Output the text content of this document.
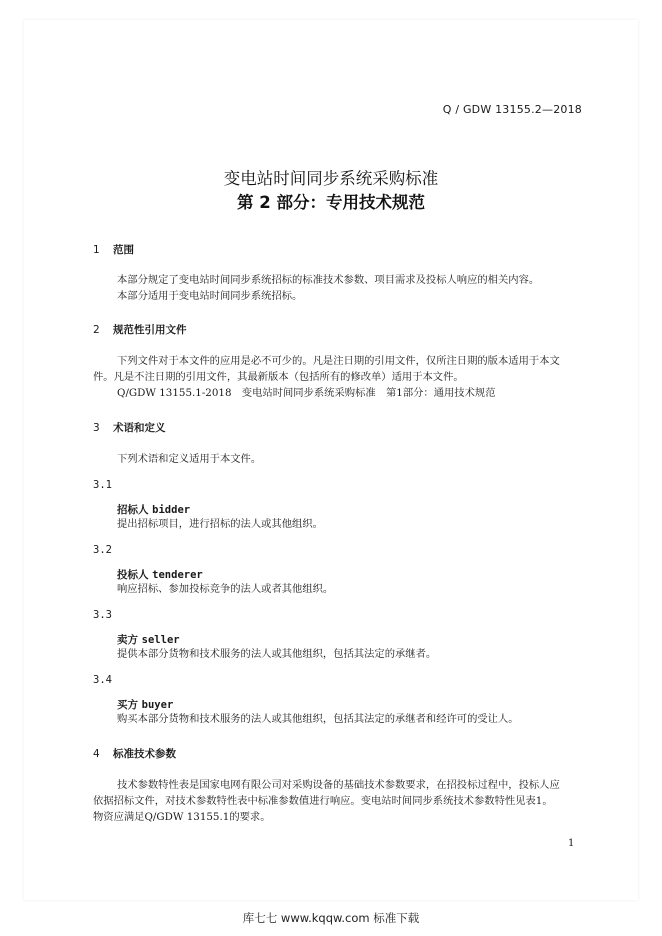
Q / GDW 13155.2—2018
变电站时间同步系统采购标准
第 2 部分：专用技术规范
1 范围
本部分规定了变电站时间同步系统招标的标准技术参数、项目需求及投标人响应的相关内容。
本部分适用于变电站时间同步系统招标。
2 规范性引用文件
下列文件对于本文件的应用是必不可少的。凡是注日期的引用文件，仅所注日期的版本适用于本文
件。凡是不注日期的引用文件，其最新版本（包括所有的修改单）适用于本文件。
Q/GDW 13155.1-2018　变电站时间同步系统采购标准　第1部分：通用技术规范
3 术语和定义
下列术语和定义适用于本文件。
3.1
招标人 bidder
提出招标项目，进行招标的法人或其他组织。
3.2
投标人 tenderer
响应招标、参加投标竞争的法人或者其他组织。
3.3
卖方 seller
提供本部分货物和技术服务的法人或其他组织，包括其法定的承继者。
3.4
买方 buyer
购买本部分货物和技术服务的法人或其他组织，包括其法定的承继者和经许可的受让人。
4 标准技术参数
技术参数特性表是国家电网有限公司对采购设备的基础技术参数要求，在招投标过程中，投标人应
依据招标文件，对技术参数特性表中标准参数值进行响应。变电站时间同步系统技术参数特性见表1。
物资应满足Q/GDW 13155.1的要求。
1
库七七 www.kqqw.com 标准下载
